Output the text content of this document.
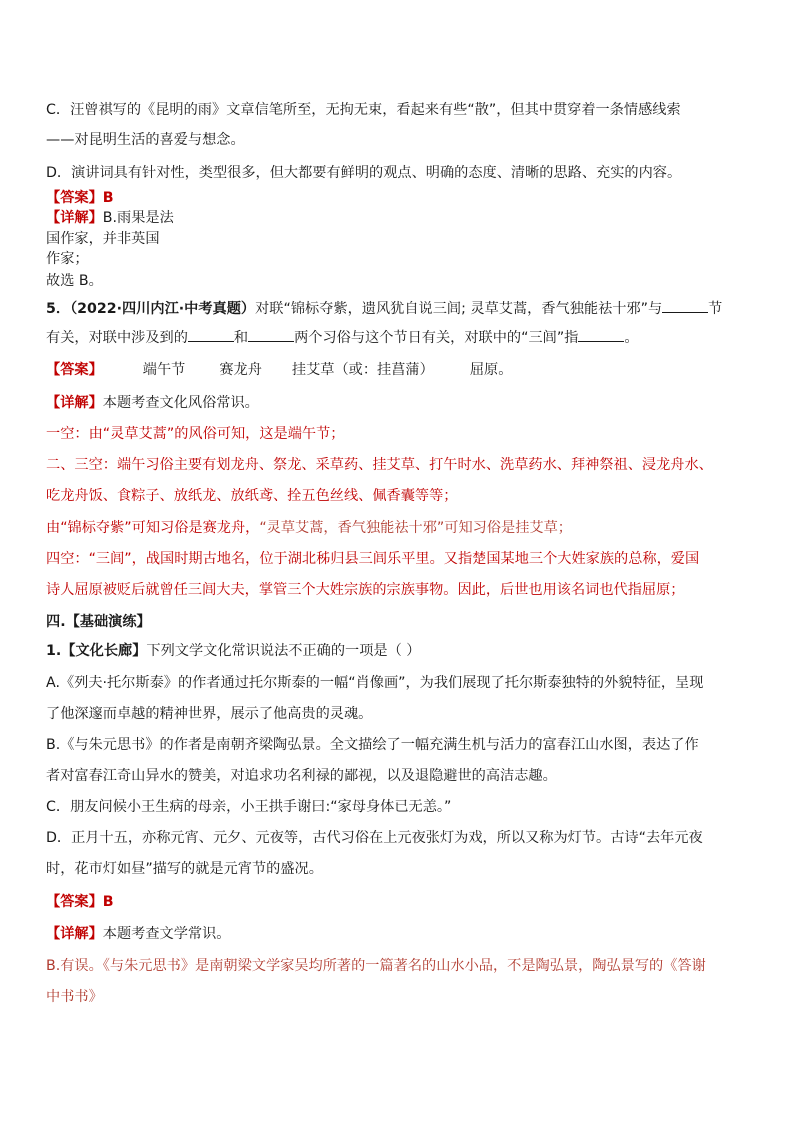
C．汪曾祺写的《昆明的雨》文章信笔所至，无拘无束，看起来有些“散”，但其中贯穿着一条情感线索
——对昆明生活的喜爱与想念。
D．演讲词具有针对性，类型很多，但大都要有鲜明的观点、明确的态度、清晰的思路、充实的内容。
【答案】B
【详解】B.雨果是法
国作家，并非英国
作家；
故选 B。
5．（2022·四川内江·中考真题）对联“锦标夺紫，遗风犹自说三闾; 灵草艾蒿，香气独能祛十邪”与	节
有关，对联中涉及到的	和	两个习俗与这个节日有关，对联中的“三闾”指	。
【答案】	端午节 赛龙舟 挂艾草（或：挂菖蒲）	屈原。
【详解】本题考查文化风俗常识。
一空：由“灵草艾蒿”的风俗可知，这是端午节；
二、三空：端午习俗主要有划龙舟、祭龙、采草药、挂艾草、打午时水、洗草药水、拜神祭祖、浸龙舟水、
吃龙舟饭、食粽子、放纸龙、放纸鸢、拴五色丝线、佩香囊等等；
由“锦标夺紫”可知习俗是赛龙舟，“灵草艾蒿，香气独能祛十邪”可知习俗是挂艾草；
四空：“三闾”，战国时期古地名，位于湖北秭归县三闾乐平里。又指楚国某地三个大姓家族的总称，爱国
诗人屈原被贬后就曾任三闾大夫，掌管三个大姓宗族的宗族事物。因此，后世也用该名词也代指屈原；
四.【基础演练】
1.【文化长廊】下列文学文化常识说法不正确的一项是（ ）
A.《列夫·托尔斯泰》的作者通过托尔斯泰的一幅“肖像画”，为我们展现了托尔斯泰独特的外貌特征，呈现
了他深邃而卓越的精神世界，展示了他高贵的灵魂。
B.《与朱元思书》的作者是南朝齐梁陶弘景。全文描绘了一幅充满生机与活力的富春江山水图，表达了作
者对富春江奇山异水的赞美，对追求功名利禄的鄙视，以及退隐避世的高洁志趣。
C．朋友问候小王生病的母亲，小王拱手谢曰:“家母身体已无恙。”
D．正月十五，亦称元宵、元夕、元夜等，古代习俗在上元夜张灯为戏，所以又称为灯节。古诗“去年元夜
时，花市灯如昼”描写的就是元宵节的盛况。
【答案】B
【详解】本题考查文学常识。
B.有误。《与朱元思书》是南朝梁文学家吴均所著的一篇著名的山水小品，不是陶弘景，陶弘景写的《答谢
中书书》
